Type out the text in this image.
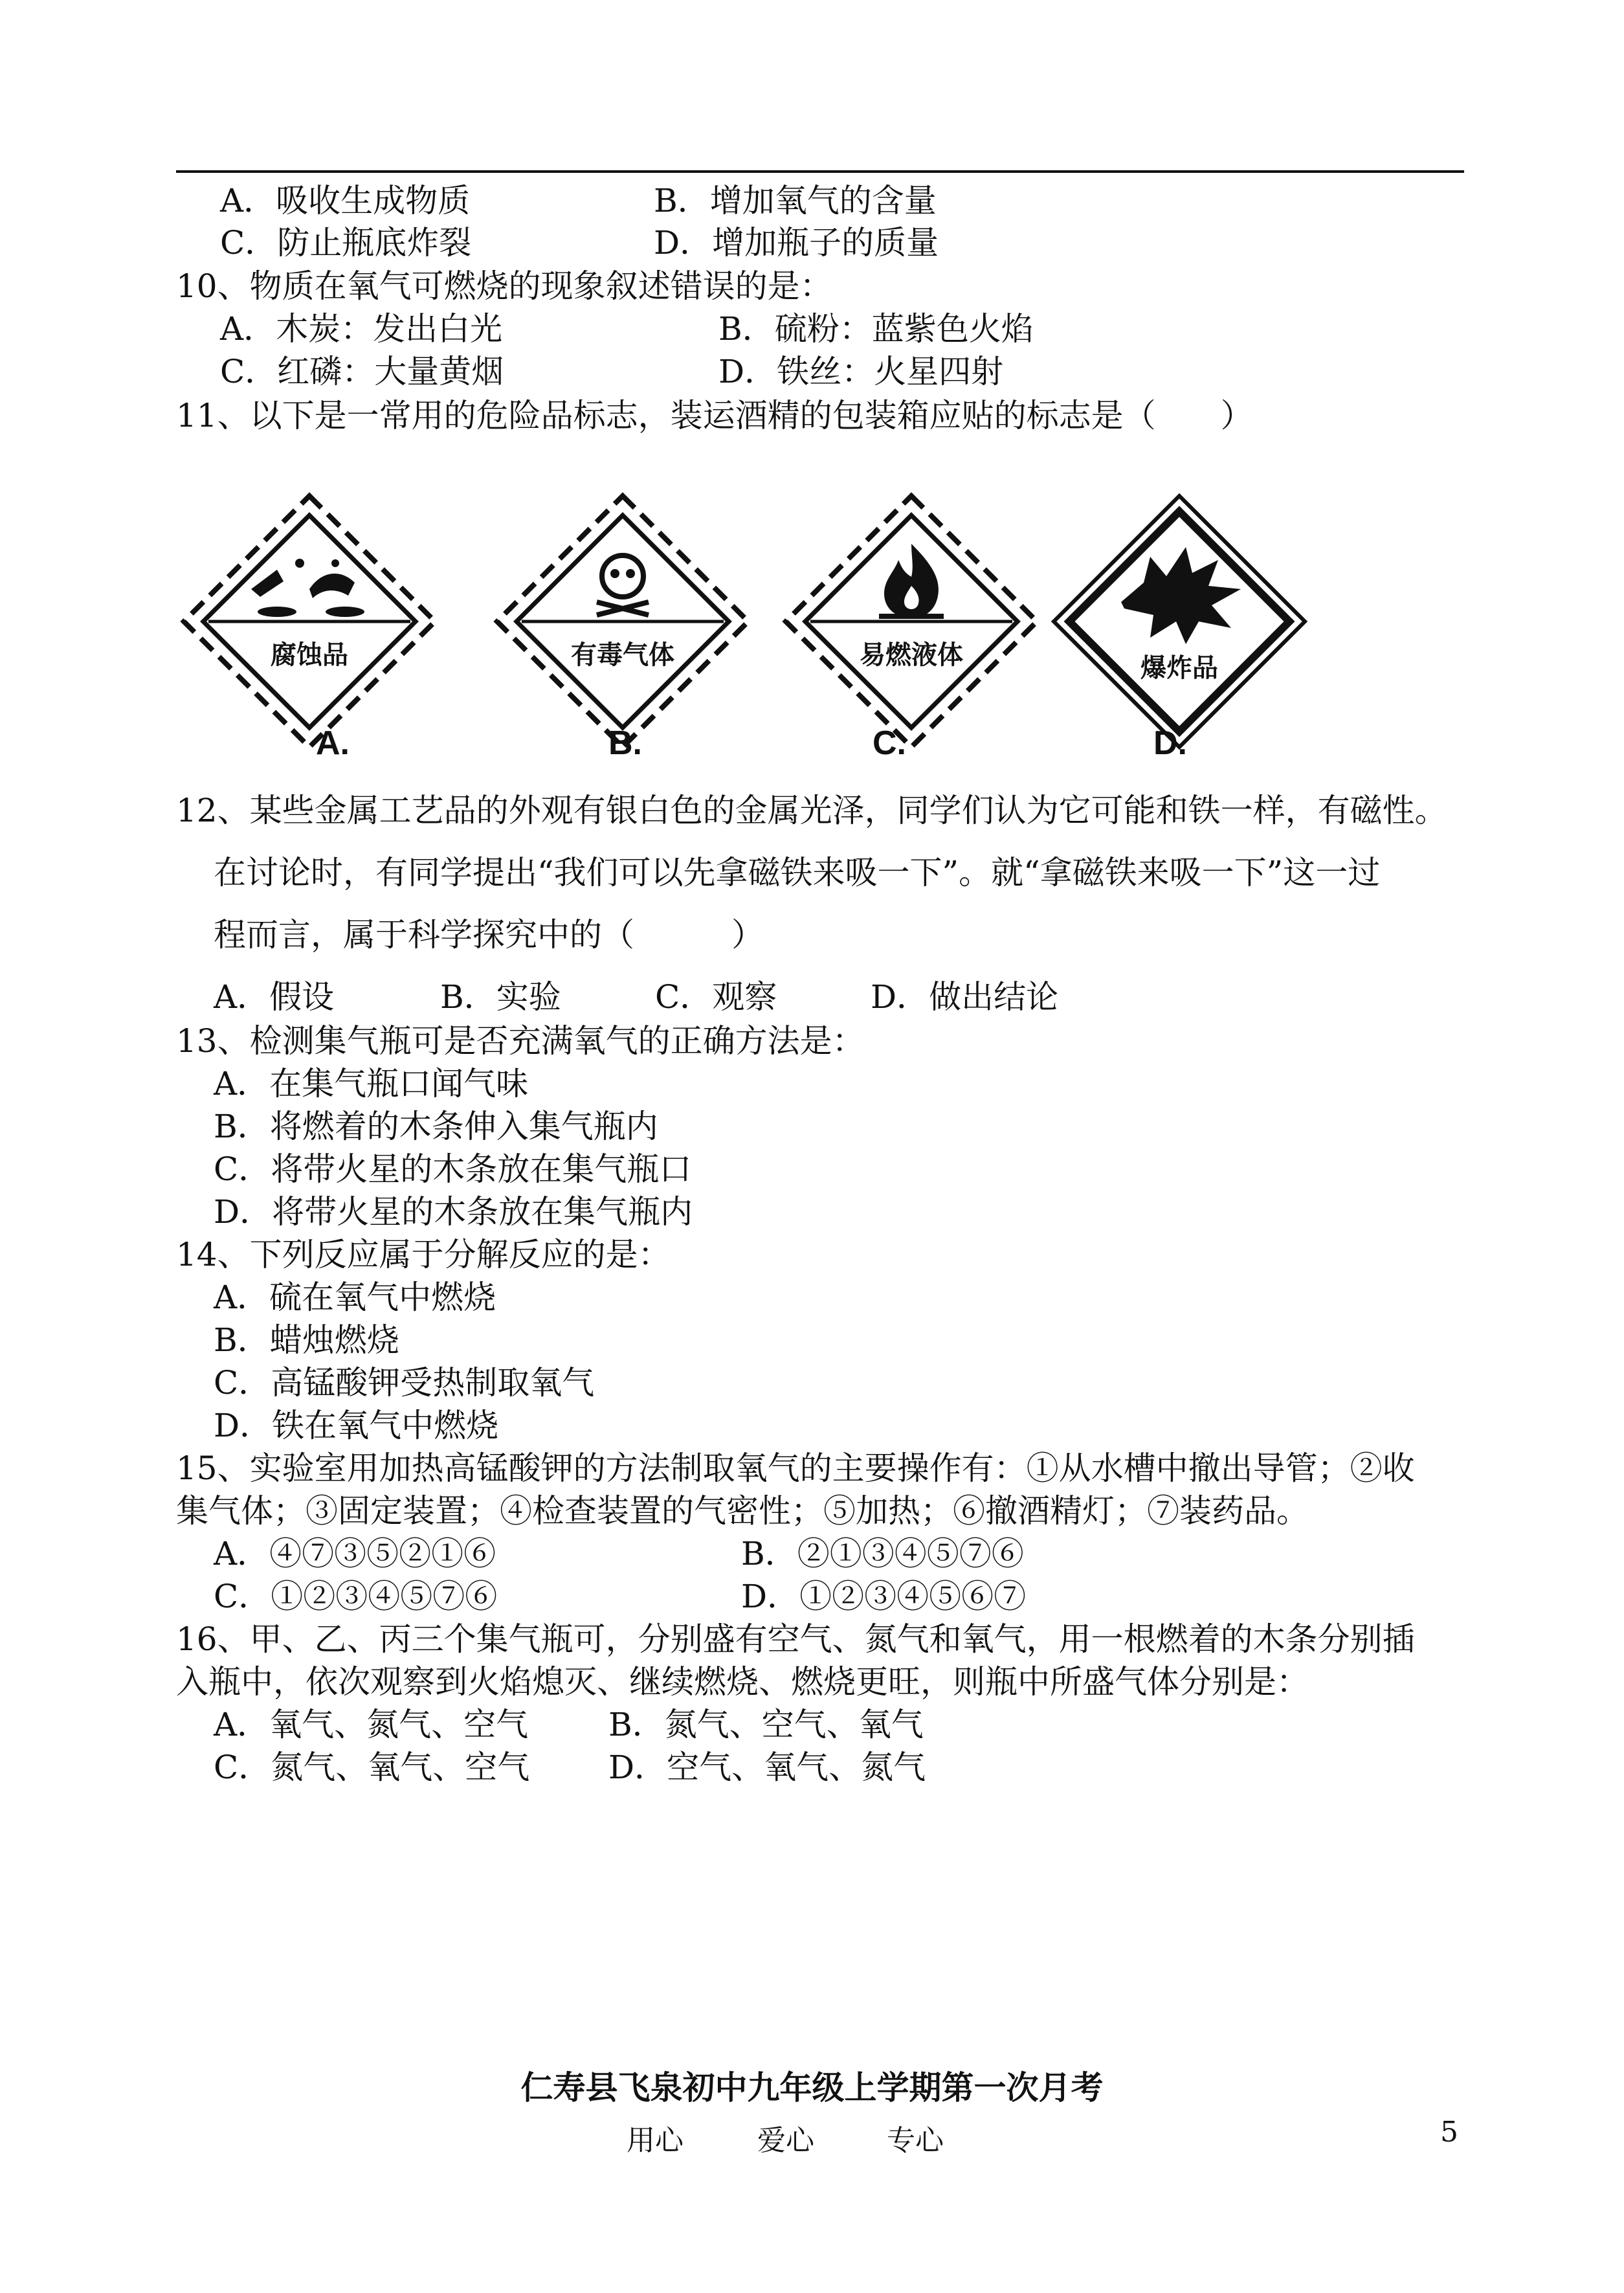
A．吸收生成物质	B．增加氧气的含量
C．防止瓶底炸裂	D．增加瓶子的质量
10、物质在氧气可燃烧的现象叙述错误的是：
A．木炭：发出白光	B．硫粉：蓝紫色火焰
C．红磷：大量黄烟	D．铁丝：火星四射
11、以下是一常用的危险品标志，装运酒精的包装箱应贴的标志是（　　）
腐蚀品
A.
有毒气体
B.
易燃液体
C.
爆炸品
D.
12、某些金属工艺品的外观有银白色的金属光泽，同学们认为它可能和铁一样，有磁性。
在讨论时，有同学提出“我们可以先拿磁铁来吸一下”。就“拿磁铁来吸一下”这一过
程而言，属于科学探究中的（　　　）
A．假设	B．实验	C．观察	D．做出结论
13、检测集气瓶可是否充满氧气的正确方法是：
A．在集气瓶口闻气味
B．将燃着的木条伸入集气瓶内
C．将带火星的木条放在集气瓶口
D．将带火星的木条放在集气瓶内
14、下列反应属于分解反应的是：
A．硫在氧气中燃烧
B．蜡烛燃烧
C．高锰酸钾受热制取氧气
D．铁在氧气中燃烧
15、实验室用加热高锰酸钾的方法制取氧气的主要操作有：①从水槽中撤出导管；②收
集气体；③固定装置；④检查装置的气密性；⑤加热；⑥撤酒精灯；⑦装药品。
A．④⑦③⑤②①⑥	B．②①③④⑤⑦⑥
C．①②③④⑤⑦⑥	D．①②③④⑤⑥⑦
16、甲、乙、丙三个集气瓶可，分别盛有空气、氮气和氧气，用一根燃着的木条分别插
入瓶中，依次观察到火焰熄灭、继续燃烧、燃烧更旺，则瓶中所盛气体分别是：
A．氧气、氮气、空气 B．氮气、空气、氧气
C．氮气、氧气、空气 D．空气、氧气、氮气
仁寿县飞泉初中九年级上学期第一次月考
用心	爱心	专心	5
